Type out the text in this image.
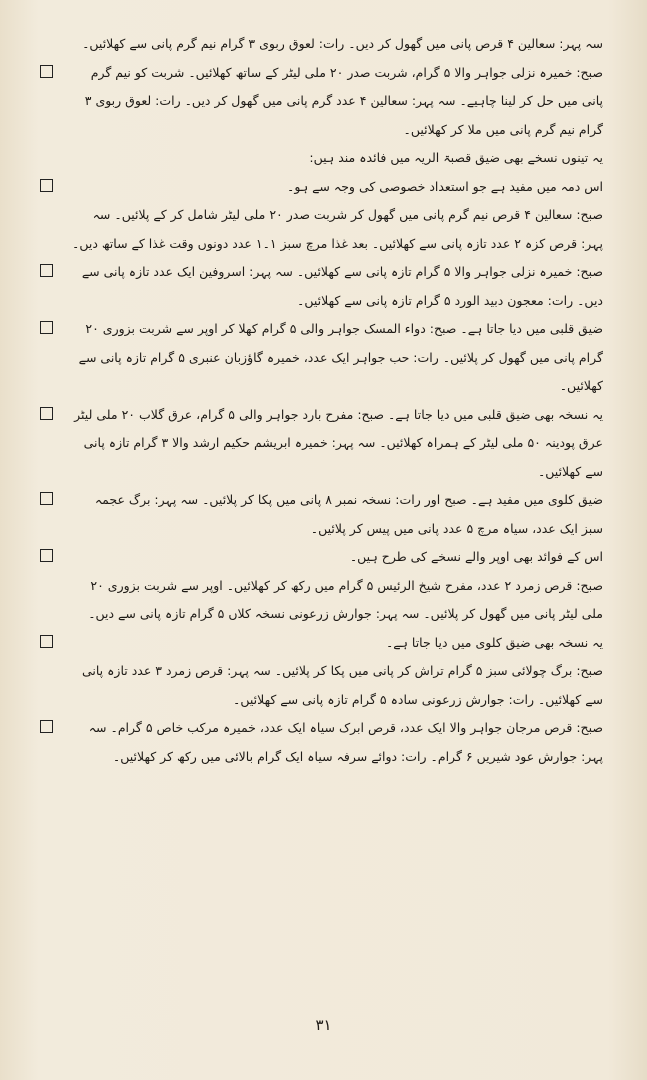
سہ پہر: سعالین ۴ قرص پانی میں گھول کر دیں۔ رات: لعوق ربوی ۳ گرام نیم گرم پانی سے کھلائیں۔

صبح: خمیرہ نزلی جواہر والا ۵ گرام، شربت صدر ۲۰ ملی لیٹر کے ساتھ کھلائیں۔ شربت کو نیم گرم پانی میں حل کر لینا چاہیے۔ سہ پہر: سعالین ۴ عدد گرم پانی میں گھول کر دیں۔ رات: لعوق ربوی ۳ گرام نیم گرم پانی میں ملا کر کھلائیں۔

یہ تینوں نسخے بھی ضیق قصبۃ الریہ میں فائدہ مند ہیں:

اس دمہ میں مفید ہے جو استعداد خصوصی کی وجہ سے ہو۔

صبح: سعالین ۴ قرص نیم گرم پانی میں گھول کر شربت صدر ۲۰ ملی لیٹر شامل کر کے پلائیں۔ سہ پہر: قرص کزہ ۲ عدد تازہ پانی سے کھلائیں۔ بعد غذا مرچ سبز ۱۔۱ عدد دونوں وقت غذا کے ساتھ دیں۔

صبح: خمیرہ نزلی جواہر والا ۵ گرام تازہ پانی سے کھلائیں۔ سہ پہر: اسروفین ایک عدد تازہ پانی سے دیں۔ رات: معجون دبید الورد ۵ گرام تازہ پانی سے کھلائیں۔

ضیق قلبی میں دیا جاتا ہے۔ صبح: دواء المسک جواہر والی ۵ گرام کھلا کر اوپر سے شربت بزوری ۲۰ گرام پانی میں گھول کر پلائیں۔ رات: حب جواہر ایک عدد، خمیرہ گاؤزبان عنبری ۵ گرام تازہ پانی سے کھلائیں۔

یہ نسخہ بھی ضیق قلبی میں دیا جاتا ہے۔ صبح: مفرح بارد جواہر والی ۵ گرام، عرق گلاب ۲۰ ملی لیٹر عرق پودینہ ۵۰ ملی لیٹر کے ہمراہ کھلائیں۔ سہ پہر: خمیرہ ابریشم حکیم ارشد والا ۳ گرام تازہ پانی سے کھلائیں۔

ضیق کلوی میں مفید ہے۔ صبح اور رات: نسخہ نمبر ۸ پانی میں پکا کر پلائیں۔ سہ پہر: برگ عجمہ سبز ایک عدد، سیاہ مرچ ۵ عدد پانی میں پیس کر پلائیں۔

اس کے فوائد بھی اوپر والے نسخے کی طرح ہیں۔

صبح: قرص زمرد ۲ عدد، مفرح شیخ الرئیس ۵ گرام میں رکھ کر کھلائیں۔ اوپر سے شربت بزوری ۲۰ ملی لیٹر پانی میں گھول کر پلائیں۔ سہ پہر: جوارش زرعونی نسخہ کلاں ۵ گرام تازہ پانی سے دیں۔

یہ نسخہ بھی ضیق کلوی میں دیا جاتا ہے۔

صبح: برگ چولائی سبز ۵ گرام تراش کر پانی میں پکا کر پلائیں۔ سہ پہر: قرص زمرد ۳ عدد تازہ پانی سے کھلائیں۔ رات: جوارش زرعونی سادہ ۵ گرام تازہ پانی سے کھلائیں۔

صبح: قرص مرجان جواہر والا ایک عدد، قرص ابرک سیاہ ایک عدد، خمیرہ مرکب خاص ۵ گرام۔ سہ پہر: جوارش عود شیریں ۶ گرام۔ رات: دوائے سرفہ سیاہ ایک گرام بالائی میں رکھ کر کھلائیں۔

۳۱
